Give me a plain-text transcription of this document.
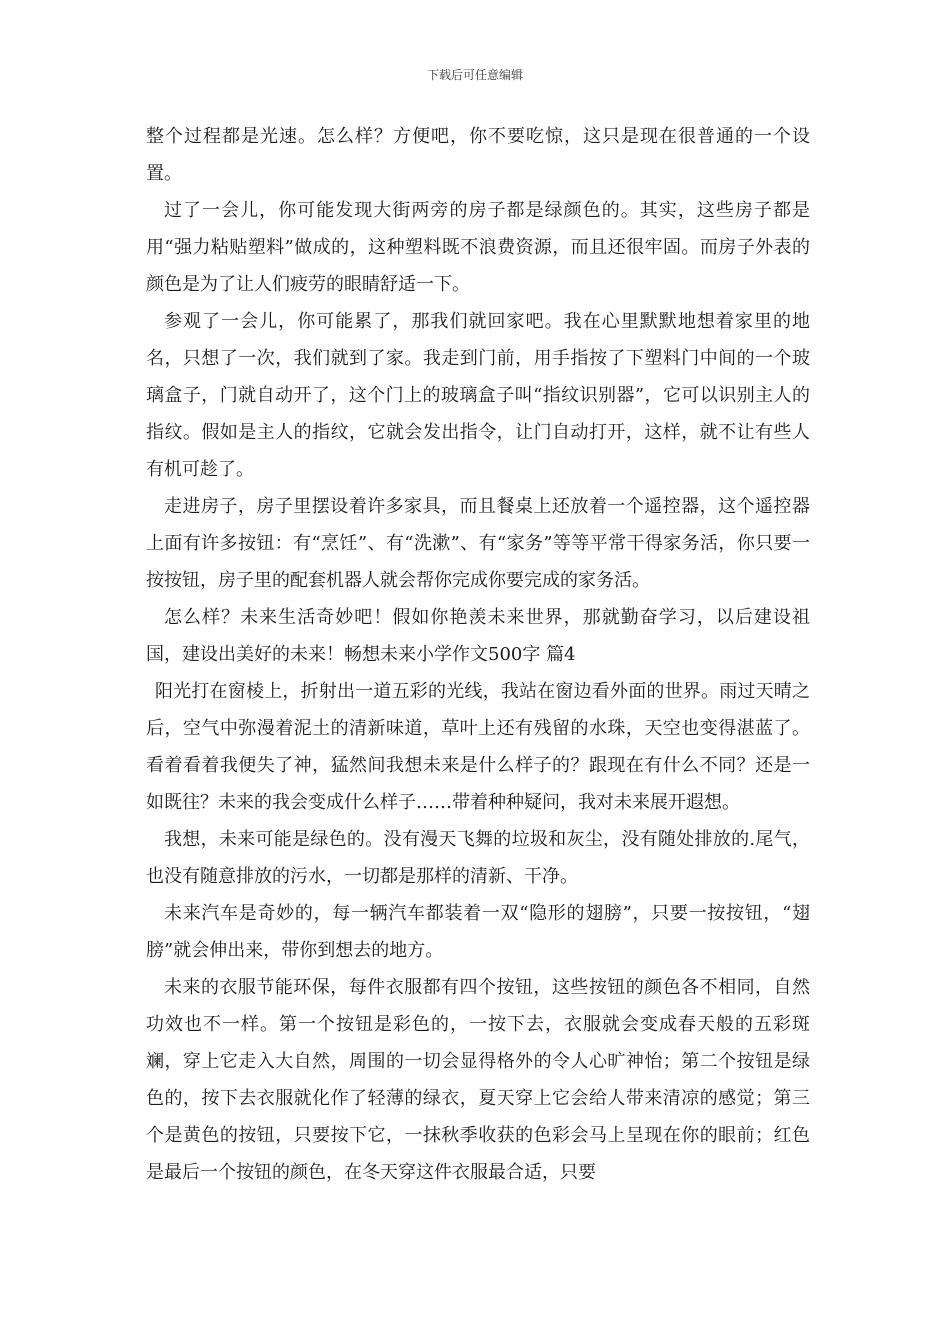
下载后可任意编辑

整个过程都是光速。怎么样？方便吧，你不要吃惊，这只是现在很普通的一个设置。

过了一会儿，你可能发现大街两旁的房子都是绿颜色的。其实，这些房子都是用“强力粘贴塑料”做成的，这种塑料既不浪费资源，而且还很牢固。而房子外表的颜色是为了让人们疲劳的眼睛舒适一下。

参观了一会儿，你可能累了，那我们就回家吧。我在心里默默地想着家里的地名，只想了一次，我们就到了家。我走到门前，用手指按了下塑料门中间的一个玻璃盒子，门就自动开了，这个门上的玻璃盒子叫“指纹识别器”，它可以识别主人的指纹。假如是主人的指纹，它就会发出指令，让门自动打开，这样，就不让有些人有机可趁了。

走进房子，房子里摆设着许多家具，而且餐桌上还放着一个遥控器，这个遥控器上面有许多按钮：有“烹饪”、有“洗漱”、有“家务”等等平常干得家务活，你只要一按按钮，房子里的配套机器人就会帮你完成你要完成的家务活。

怎么样？未来生活奇妙吧！假如你艳羡未来世界，那就勤奋学习，以后建设祖国，建设出美好的未来！畅想未来小学作文500字 篇4

阳光打在窗棱上，折射出一道五彩的光线，我站在窗边看外面的世界。雨过天晴之后，空气中弥漫着泥土的清新味道，草叶上还有残留的水珠，天空也变得湛蓝了。看着看着我便失了神，猛然间我想未来是什么样子的？跟现在有什么不同？还是一如既往？未来的我会变成什么样子……带着种种疑问，我对未来展开遐想。

我想，未来可能是绿色的。没有漫天飞舞的垃圾和灰尘，没有随处排放的.尾气，也没有随意排放的污水，一切都是那样的清新、干净。

未来汽车是奇妙的，每一辆汽车都装着一双“隐形的翅膀”，只要一按按钮，“翅膀”就会伸出来，带你到想去的地方。

未来的衣服节能环保，每件衣服都有四个按钮，这些按钮的颜色各不相同，自然功效也不一样。第一个按钮是彩色的，一按下去，衣服就会变成春天般的五彩斑斓，穿上它走入大自然，周围的一切会显得格外的令人心旷神怡；第二个按钮是绿色的，按下去衣服就化作了轻薄的绿衣，夏天穿上它会给人带来清凉的感觉；第三个是黄色的按钮，只要按下它，一抹秋季收获的色彩会马上呈现在你的眼前；红色是最后一个按钮的颜色，在冬天穿这件衣服最合适，只要
